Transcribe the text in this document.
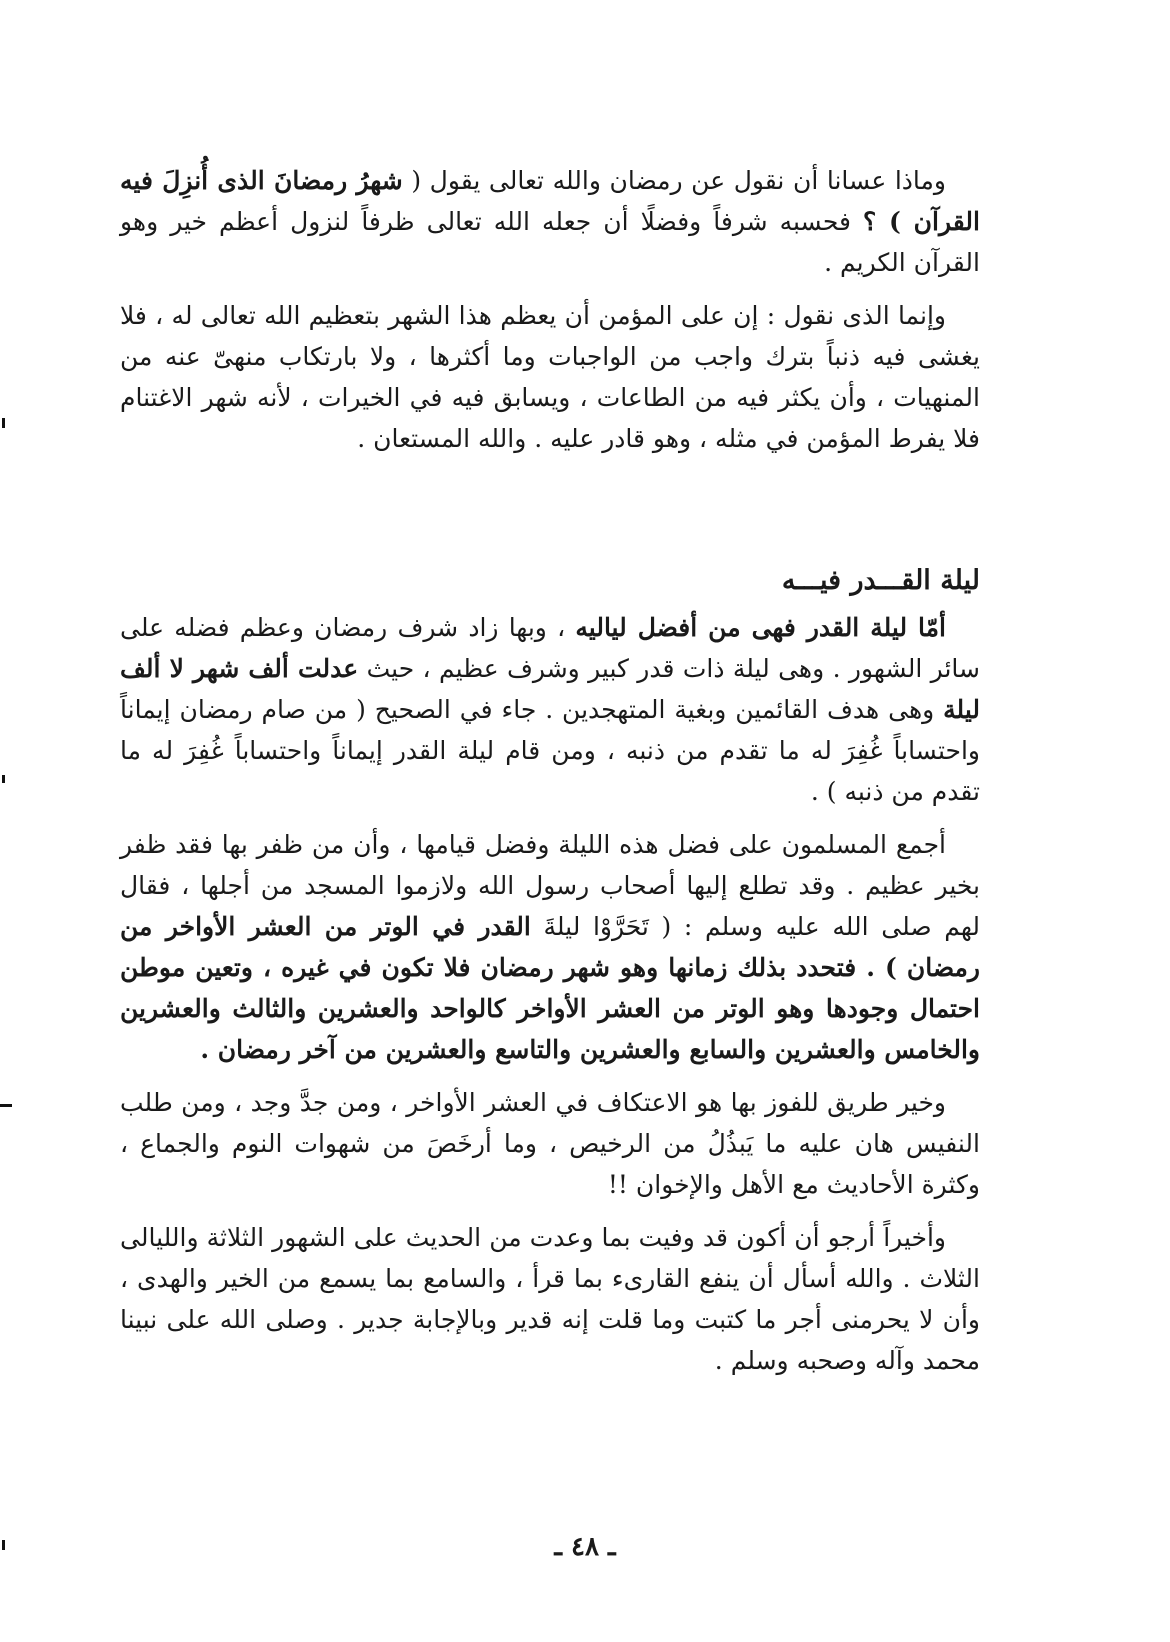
وماذا عسانا أن نقول عن رمضان والله تعالى يقول ( شهرُ رمضانَ الذى أُنزِلَ فيه القرآن ) ؟ فحسبه شرفاً وفضلًا أن جعله الله تعالى ظرفاً لنزول أعظم خير وهو القرآن الكريم .

وإنما الذى نقول : إن على المؤمن أن يعظم هذا الشهر بتعظيم الله تعالى له ، فلا يغشى فيه ذنباً بترك واجب من الواجبات وما أكثرها ، ولا بارتكاب منهىّ عنه من المنهيات ، وأن يكثر فيه من الطاعات ، ويسابق فيه في الخيرات ، لأنه شهر الاغتنام فلا يفرط المؤمن في مثله ، وهو قادر عليه . والله المستعان .

ليلة القـــدر فيـــه

أمّا ليلة القدر فهى من أفضل لياليه ، وبها زاد شرف رمضان وعظم فضله على سائر الشهور . وهى ليلة ذات قدر كبير وشرف عظيم ، حيث عدلت ألف شهر لا ألف ليلة وهى هدف القائمين وبغية المتهجدين . جاء في الصحيح ( من صام رمضان إيماناً واحتساباً غُفِرَ له ما تقدم من ذنبه ، ومن قام ليلة القدر إيماناً واحتساباً غُفِرَ له ما تقدم من ذنبه ) .

أجمع المسلمون على فضل هذه الليلة وفضل قيامها ، وأن من ظفر بها فقد ظفر بخير عظيم . وقد تطلع إليها أصحاب رسول الله ولازموا المسجد من أجلها ، فقال لهم صلى الله عليه وسلم : ( تَحَرَّوْا ليلةَ القدر في الوتر من العشر الأواخر من رمضان ) . فتحدد بذلك زمانها وهو شهر رمضان فلا تكون في غيره ، وتعين موطن احتمال وجودها وهو الوتر من العشر الأواخر كالواحد والعشرين والثالث والعشرين والخامس والعشرين والسابع والعشرين والتاسع والعشرين من آخر رمضان .

وخير طريق للفوز بها هو الاعتكاف في العشر الأواخر ، ومن جدَّ وجد ، ومن طلب النفيس هان عليه ما يَبذُلُ من الرخيص ، وما أرخَصَ من شهوات النوم والجماع ، وكثرة الأحاديث مع الأهل والإخوان !!

وأخيراً أرجو أن أكون قد وفيت بما وعدت من الحديث على الشهور الثلاثة والليالى الثلاث . والله أسأل أن ينفع القارىء بما قرأ ، والسامع بما يسمع من الخير والهدى ، وأن لا يحرمنى أجر ما كتبت وما قلت إنه قدير وبالإجابة جدير . وصلى الله على نبينا محمد وآله وصحبه وسلم .

ـ ٤٨ ـ
